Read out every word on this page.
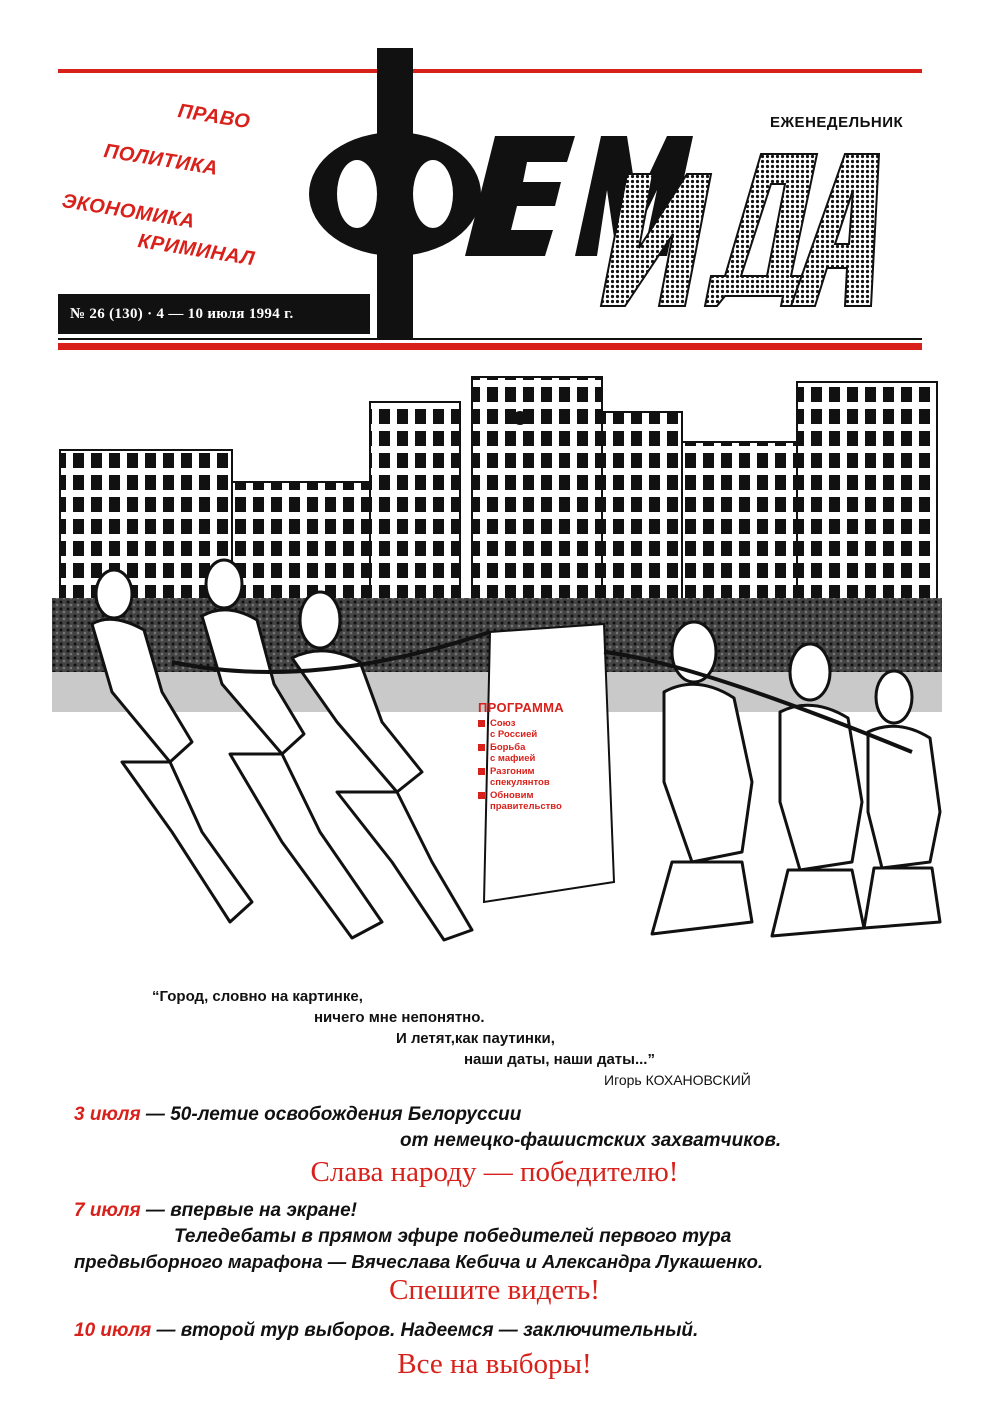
ПРАВО
ПОЛИТИКА
ЭКОНОМИКА
КРИМИНАЛ
ЕЖЕНЕДЕЛЬНИК
№ 26 (130) · 4 — 10 июля 1994 г.
ПРОГРАММА
Союз
с Россией
Борьба
с мафией
Разгоним
спекулянтов
Обновим
правительство
“Город, словно на картинке,
ничего мне непонятно.
И летят,как паутинки,
наши даты, наши даты...”
Игорь КОХАНОВСКИЙ
3 июля — 50-летие освобождения Белоруссии
от немецко-фашистских захватчиков.
Слава народу — победителю!
7 июля — впервые на экране!
Теледебаты в прямом эфире победителей первого тура
предвыборного марафона — Вячеслава Кебича и Александра Лукашенко.
Спешите видеть!
10 июля — второй тур выборов. Надеемся — заключительный.
Все на выборы!
